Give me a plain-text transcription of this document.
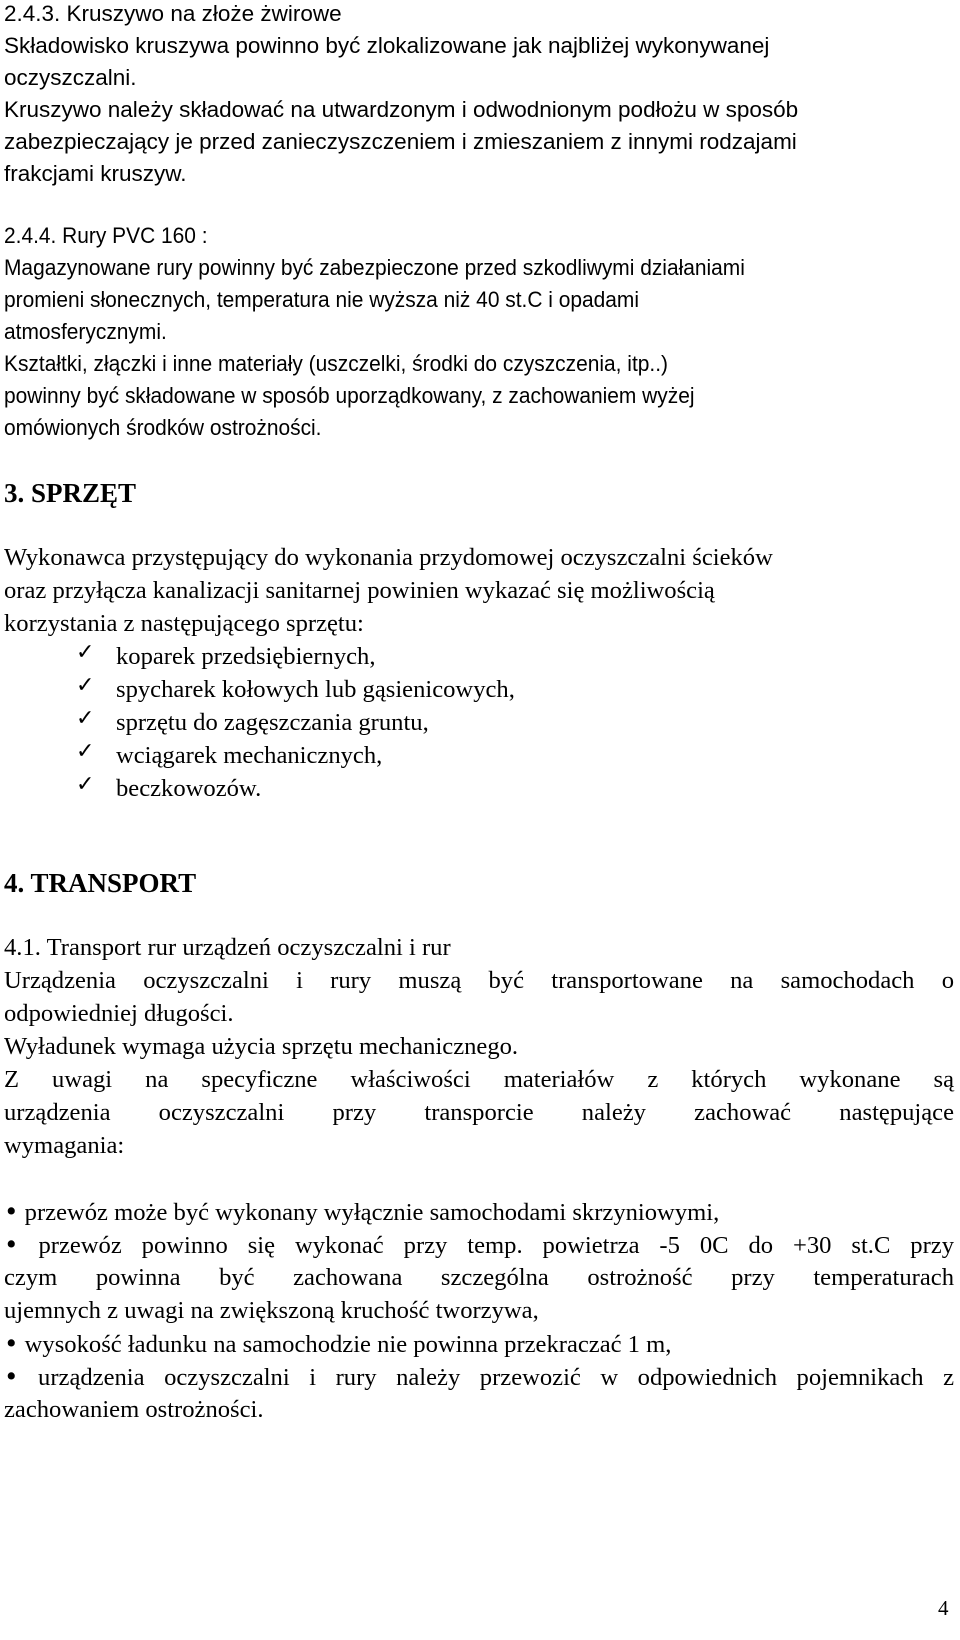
2.4.3. Kruszywo na złoże żwirowe
Składowisko kruszywa powinno być zlokalizowane jak najbliżej wykonywanej
oczyszczalni.
Kruszywo należy składować na utwardzonym i odwodnionym podłożu w sposób
zabezpieczający je przed zanieczyszczeniem i zmieszaniem z innymi rodzajami
frakcjami kruszyw.
2.4.4. Rury PVC 160 :
Magazynowane rury powinny być zabezpieczone przed szkodliwymi działaniami
promieni słonecznych, temperatura nie wyższa niż 40 st.C i opadami
atmosferycznymi.
Kształtki, złączki i inne materiały (uszczelki, środki do czyszczenia, itp..)
powinny być składowane w sposób uporządkowany, z zachowaniem wyżej
omówionych środków ostrożności.
3. SPRZĘT
Wykonawca przystępujący do wykonania przydomowej oczyszczalni ścieków
oraz przyłącza kanalizacji sanitarnej powinien wykazać się możliwością
korzystania z następującego sprzętu:
✓ koparek przedsiębiernych,
✓ spycharek kołowych lub gąsienicowych,
✓ sprzętu do zagęszczania gruntu,
✓ wciągarek mechanicznych,
✓ beczkowozów.
4. TRANSPORT
4.1. Transport rur urządzeń oczyszczalni i rur
Urządzenia oczyszczalni i rury muszą być transportowane na samochodach o
odpowiedniej długości.
Wyładunek wymaga użycia sprzętu mechanicznego.
Z uwagi na specyficzne właściwości materiałów z których wykonane są
urządzenia oczyszczalni przy transporcie należy zachować następujące
wymagania:
• przewóz może być wykonany wyłącznie samochodami skrzyniowymi,
• przewóz powinno się wykonać przy temp. powietrza -5 0C do +30 st.C przy
czym powinna być zachowana szczególna ostrożność przy temperaturach
ujemnych z uwagi na zwiększoną kruchość tworzywa,
• wysokość ładunku na samochodzie nie powinna przekraczać 1 m,
• urządzenia oczyszczalni i rury należy przewozić w odpowiednich pojemnikach z
zachowaniem ostrożności.
4
